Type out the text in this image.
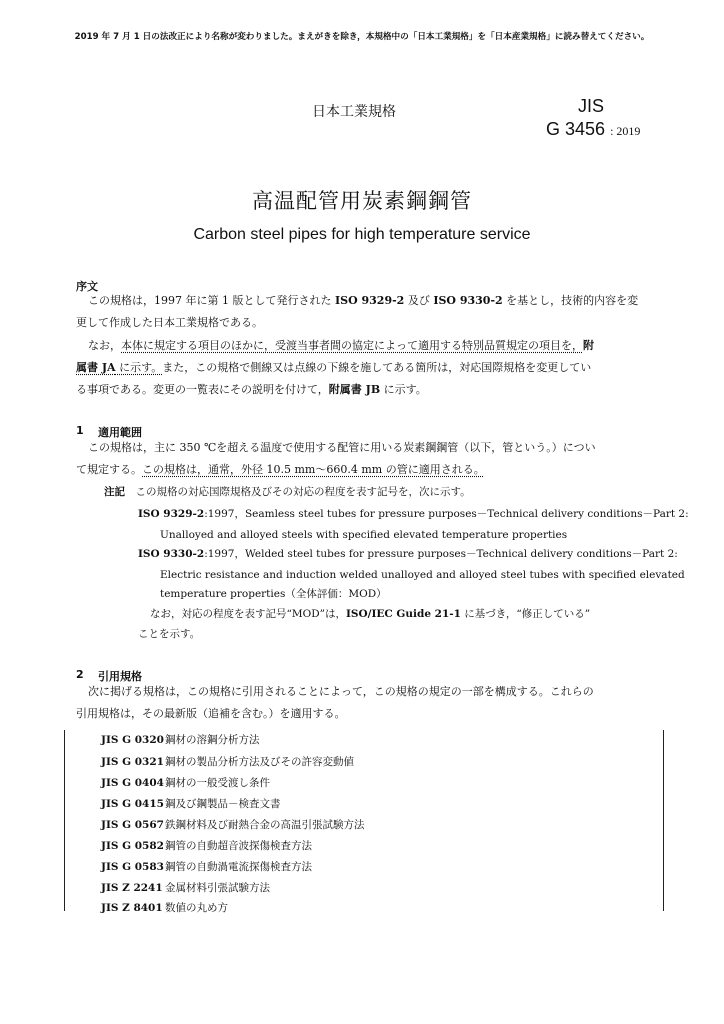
2019 年 7 月 1 日の法改正により名称が変わりました。まえがきを除き，本規格中の「日本工業規格」を「日本産業規格」に読み替えてください。
日本工業規格	JIS
G 3456 : 2019
高温配管用炭素鋼鋼管
Carbon steel pipes for high temperature service
序文
この規格は，1997 年に第 1 版として発行された ISO 9329-2 及び ISO 9330-2 を基とし，技術的内容を変
更して作成した日本工業規格である。
なお，本体に規定する項目のほかに，受渡当事者間の協定によって適用する特別品質規定の項目を，附
属書 JA に示す。また，この規格で側線又は点線の下線を施してある箇所は，対応国際規格を変更してい
る事項である。変更の一覧表にその説明を付けて，附属書 JB に示す。
1 適用範囲
この規格は，主に 350 ℃を超える温度で使用する配管に用いる炭素鋼鋼管（以下，管という。）につい
て規定する。この規格は，通常，外径 10.5 mm～660.4 mm の管に適用される。
注記　 この規格の対応国際規格及びその対応の程度を表す記号を，次に示す。
ISO 9329-2:1997，Seamless steel tubes for pressure purposes－Technical delivery conditions－Part 2:
Unalloyed and alloyed steels with specified elevated temperature properties
ISO 9330-2:1997，Welded steel tubes for pressure purposes－Technical delivery conditions－Part 2:
Electric resistance and induction welded unalloyed and alloyed steel tubes with specified elevated
temperature properties（全体評価：MOD）
なお，対応の程度を表す記号“MOD”は，ISO/IEC Guide 21-1 に基づき，“修正している”
ことを示す。
2 引用規格
次に掲げる規格は，この規格に引用されることによって，この規格の規定の一部を構成する。これらの
引用規格は，その最新版（追補を含む。）を適用する。
JIS G 0320鋼材の溶鋼分析方法
JIS G 0321鋼材の製品分析方法及びその許容変動値
JIS G 0404鋼材の一般受渡し条件
JIS G 0415鋼及び鋼製品－検査文書
JIS G 0567鉄鋼材料及び耐熱合金の高温引張試験方法
JIS G 0582鋼管の自動超音波探傷検査方法
JIS G 0583鋼管の自動渦電流探傷検査方法
JIS Z 2241 金属材料引張試験方法
JIS Z 8401 数値の丸め方
